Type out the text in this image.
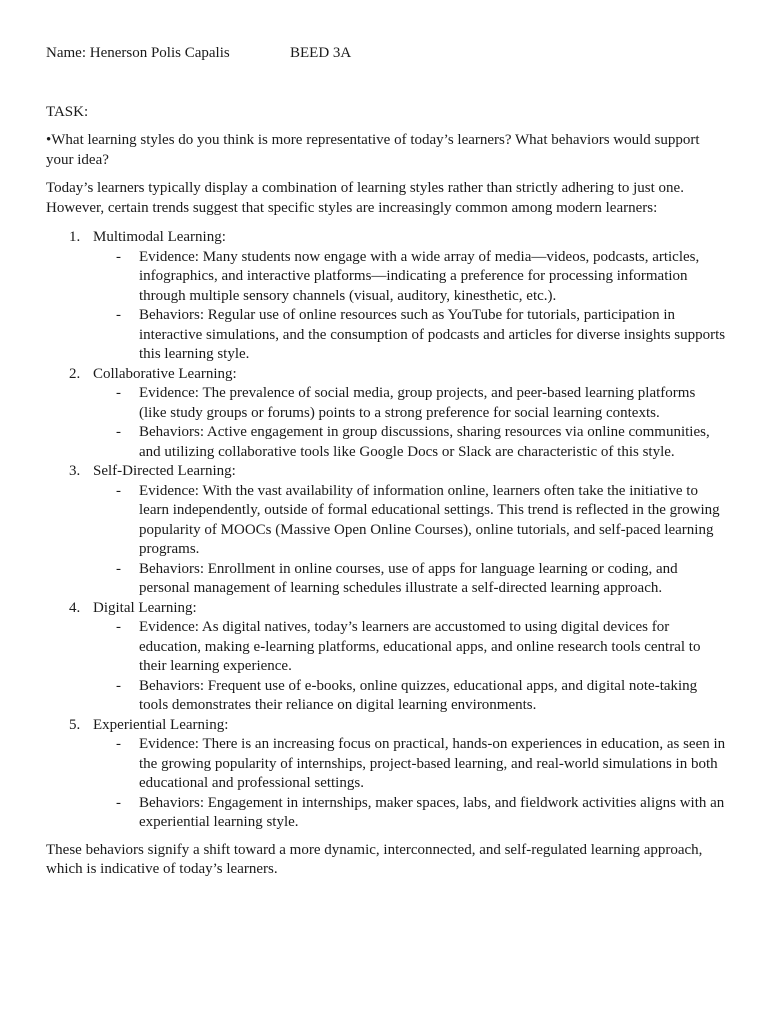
Name: Henerson Polis Capalis	BEED 3A
TASK:
•What learning styles do you think is more representative of today’s learners? What behaviors would support your idea?
Today’s learners typically display a combination of learning styles rather than strictly adhering to just one. However, certain trends suggest that specific styles are increasingly common among modern learners:
1. Multimodal Learning:
- Evidence: Many students now engage with a wide array of media—videos, podcasts, articles, infographics, and interactive platforms—indicating a preference for processing information through multiple sensory channels (visual, auditory, kinesthetic, etc.).
- Behaviors: Regular use of online resources such as YouTube for tutorials, participation in interactive simulations, and the consumption of podcasts and articles for diverse insights supports this learning style.
2. Collaborative Learning:
- Evidence: The prevalence of social media, group projects, and peer-based learning platforms (like study groups or forums) points to a strong preference for social learning contexts.
- Behaviors: Active engagement in group discussions, sharing resources via online communities, and utilizing collaborative tools like Google Docs or Slack are characteristic of this style.
3. Self-Directed Learning:
- Evidence: With the vast availability of information online, learners often take the initiative to learn independently, outside of formal educational settings. This trend is reflected in the growing popularity of MOOCs (Massive Open Online Courses), online tutorials, and self-paced learning programs.
- Behaviors: Enrollment in online courses, use of apps for language learning or coding, and personal management of learning schedules illustrate a self-directed learning approach.
4. Digital Learning:
- Evidence: As digital natives, today’s learners are accustomed to using digital devices for education, making e-learning platforms, educational apps, and online research tools central to their learning experience.
- Behaviors: Frequent use of e-books, online quizzes, educational apps, and digital note-taking tools demonstrates their reliance on digital learning environments.
5. Experiential Learning:
- Evidence: There is an increasing focus on practical, hands-on experiences in education, as seen in the growing popularity of internships, project-based learning, and real-world simulations in both educational and professional settings.
- Behaviors: Engagement in internships, maker spaces, labs, and fieldwork activities aligns with an experiential learning style.
These behaviors signify a shift toward a more dynamic, interconnected, and self-regulated learning approach, which is indicative of today’s learners.
